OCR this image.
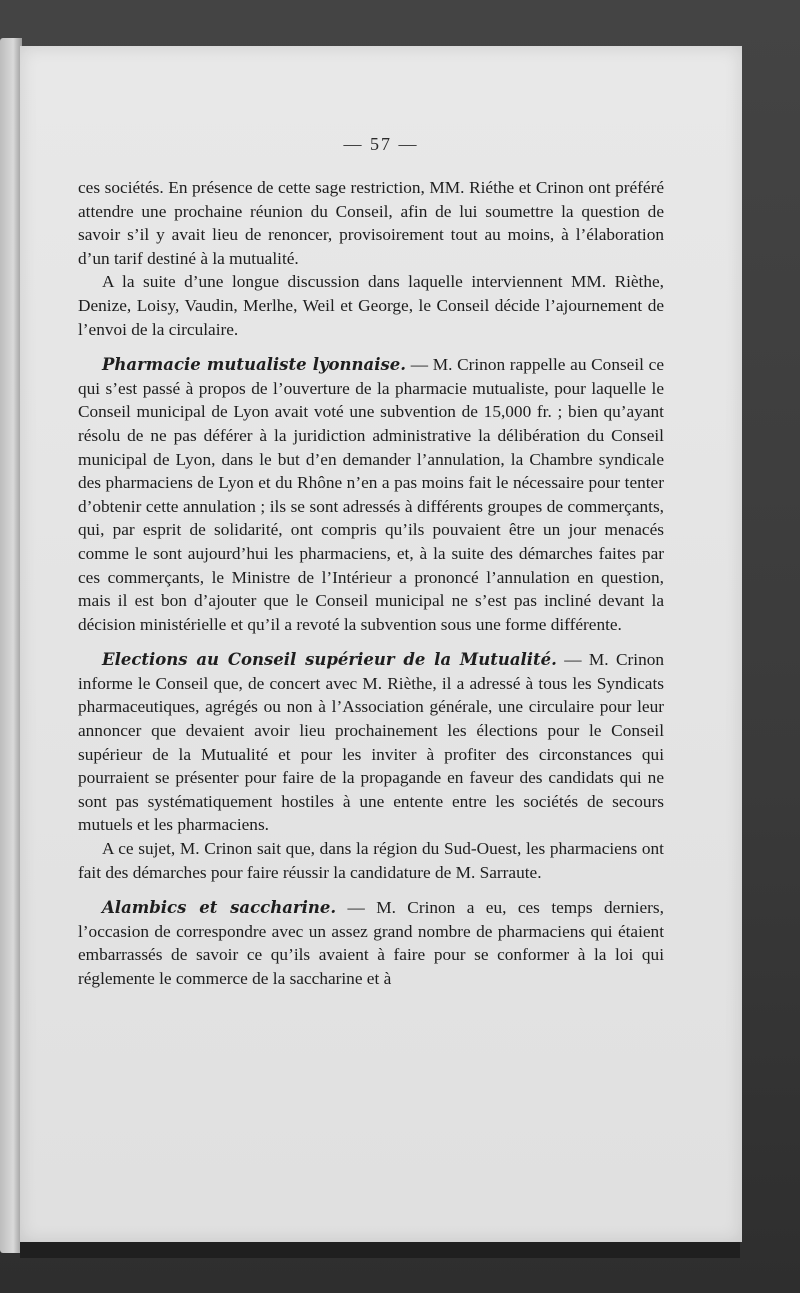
— 57 —

ces sociétés. En présence de cette sage restriction, MM. Riéthe et Crinon ont préféré attendre une prochaine réunion du Conseil, afin de lui soumettre la question de savoir s’il y avait lieu de renoncer, provisoirement tout au moins, à l’élaboration d’un tarif destiné à la mutualité.

A la suite d’une longue discussion dans laquelle interviennent MM. Rièthe, Denize, Loisy, Vaudin, Merlhe, Weil et George, le Conseil décide l’ajournement de l’envoi de la circulaire.

Pharmacie mutualiste lyonnaise. — M. Crinon rappelle au Conseil ce qui s’est passé à propos de l’ouverture de la pharmacie mutualiste, pour laquelle le Conseil municipal de Lyon avait voté une subvention de 15,000 fr. ; bien qu’ayant résolu de ne pas déférer à la juridiction administrative la délibération du Conseil municipal de Lyon, dans le but d’en demander l’annulation, la Chambre syndicale des pharmaciens de Lyon et du Rhône n’en a pas moins fait le nécessaire pour tenter d’obtenir cette annulation ; ils se sont adressés à différents groupes de commerçants, qui, par esprit de solidarité, ont compris qu’ils pouvaient être un jour menacés comme le sont aujourd’hui les pharmaciens, et, à la suite des démarches faites par ces commerçants, le Ministre de l’Intérieur a prononcé l’annulation en question, mais il est bon d’ajouter que le Conseil municipal ne s’est pas incliné devant la décision ministérielle et qu’il a revoté la subvention sous une forme différente.

Elections au Conseil supérieur de la Mutualité. — M. Crinon informe le Conseil que, de concert avec M. Rièthe, il a adressé à tous les Syndicats pharmaceutiques, agrégés ou non à l’Association générale, une circulaire pour leur annoncer que devaient avoir lieu prochainement les élections pour le Conseil supérieur de la Mutualité et pour les inviter à profiter des circonstances qui pourraient se présenter pour faire de la propagande en faveur des candidats qui ne sont pas systématiquement hostiles à une entente entre les sociétés de secours mutuels et les pharmaciens.

A ce sujet, M. Crinon sait que, dans la région du Sud-Ouest, les pharmaciens ont fait des démarches pour faire réussir la candidature de M. Sarraute.

Alambics et saccharine. — M. Crinon a eu, ces temps derniers, l’occasion de correspondre avec un assez grand nombre de pharmaciens qui étaient embarrassés de savoir ce qu’ils avaient à faire pour se conformer à la loi qui réglemente le commerce de la saccharine et à
